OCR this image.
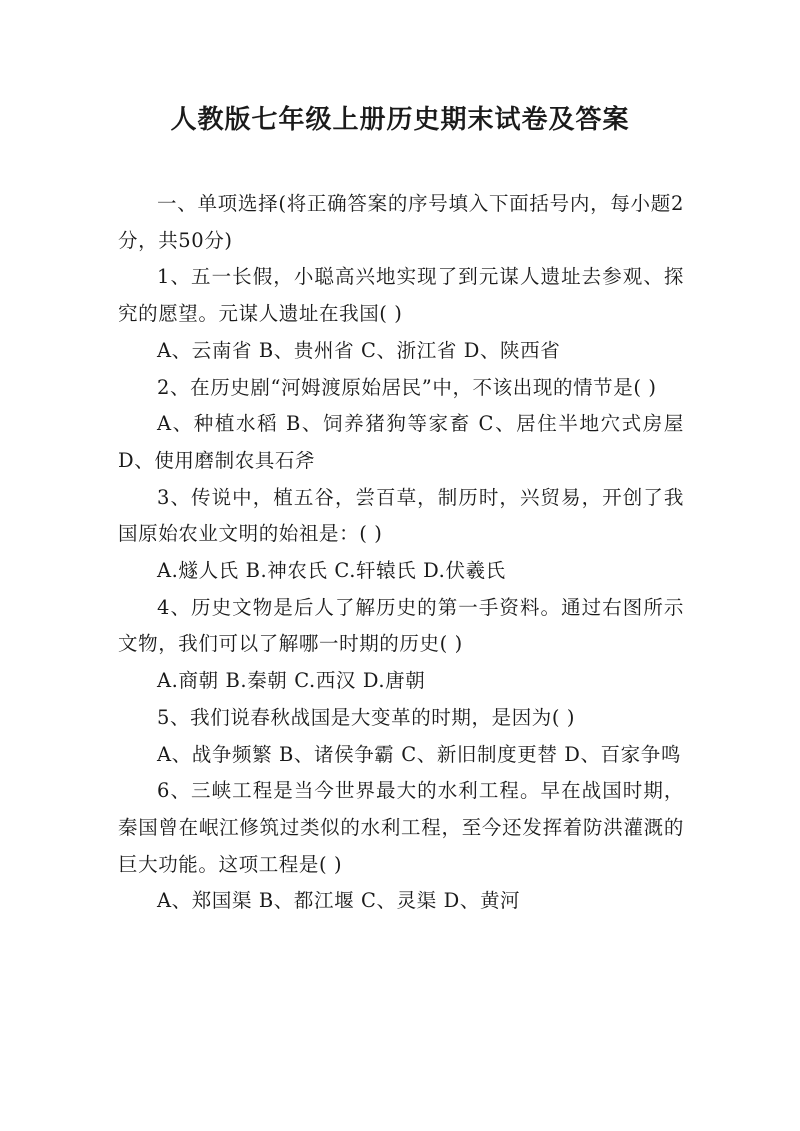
人教版七年级上册历史期末试卷及答案

一、单项选择(将正确答案的序号填入下面括号内，每小题2分，共50分)

1、五一长假，小聪高兴地实现了到元谋人遗址去参观、探究的愿望。元谋人遗址在我国( )

A、云南省 B、贵州省 C、浙江省 D、陕西省

2、在历史剧“河姆渡原始居民”中，不该出现的情节是( )

A、种植水稻 B、饲养猪狗等家畜 C、居住半地穴式房屋 D、使用磨制农具石斧

3、传说中，植五谷，尝百草，制历时，兴贸易，开创了我国原始农业文明的始祖是：( )

A.燧人氏 B.神农氏 C.轩辕氏 D.伏羲氏

4、历史文物是后人了解历史的第一手资料。通过右图所示文物，我们可以了解哪一时期的历史( )

A.商朝 B.秦朝 C.西汉 D.唐朝

5、我们说春秋战国是大变革的时期，是因为( )

A、战争频繁 B、诸侯争霸 C、新旧制度更替 D、百家争鸣

6、三峡工程是当今世界最大的水利工程。早在战国时期，秦国曾在岷江修筑过类似的水利工程，至今还发挥着防洪灌溉的巨大功能。这项工程是( )

A、郑国渠 B、都江堰 C、灵渠 D、黄河
